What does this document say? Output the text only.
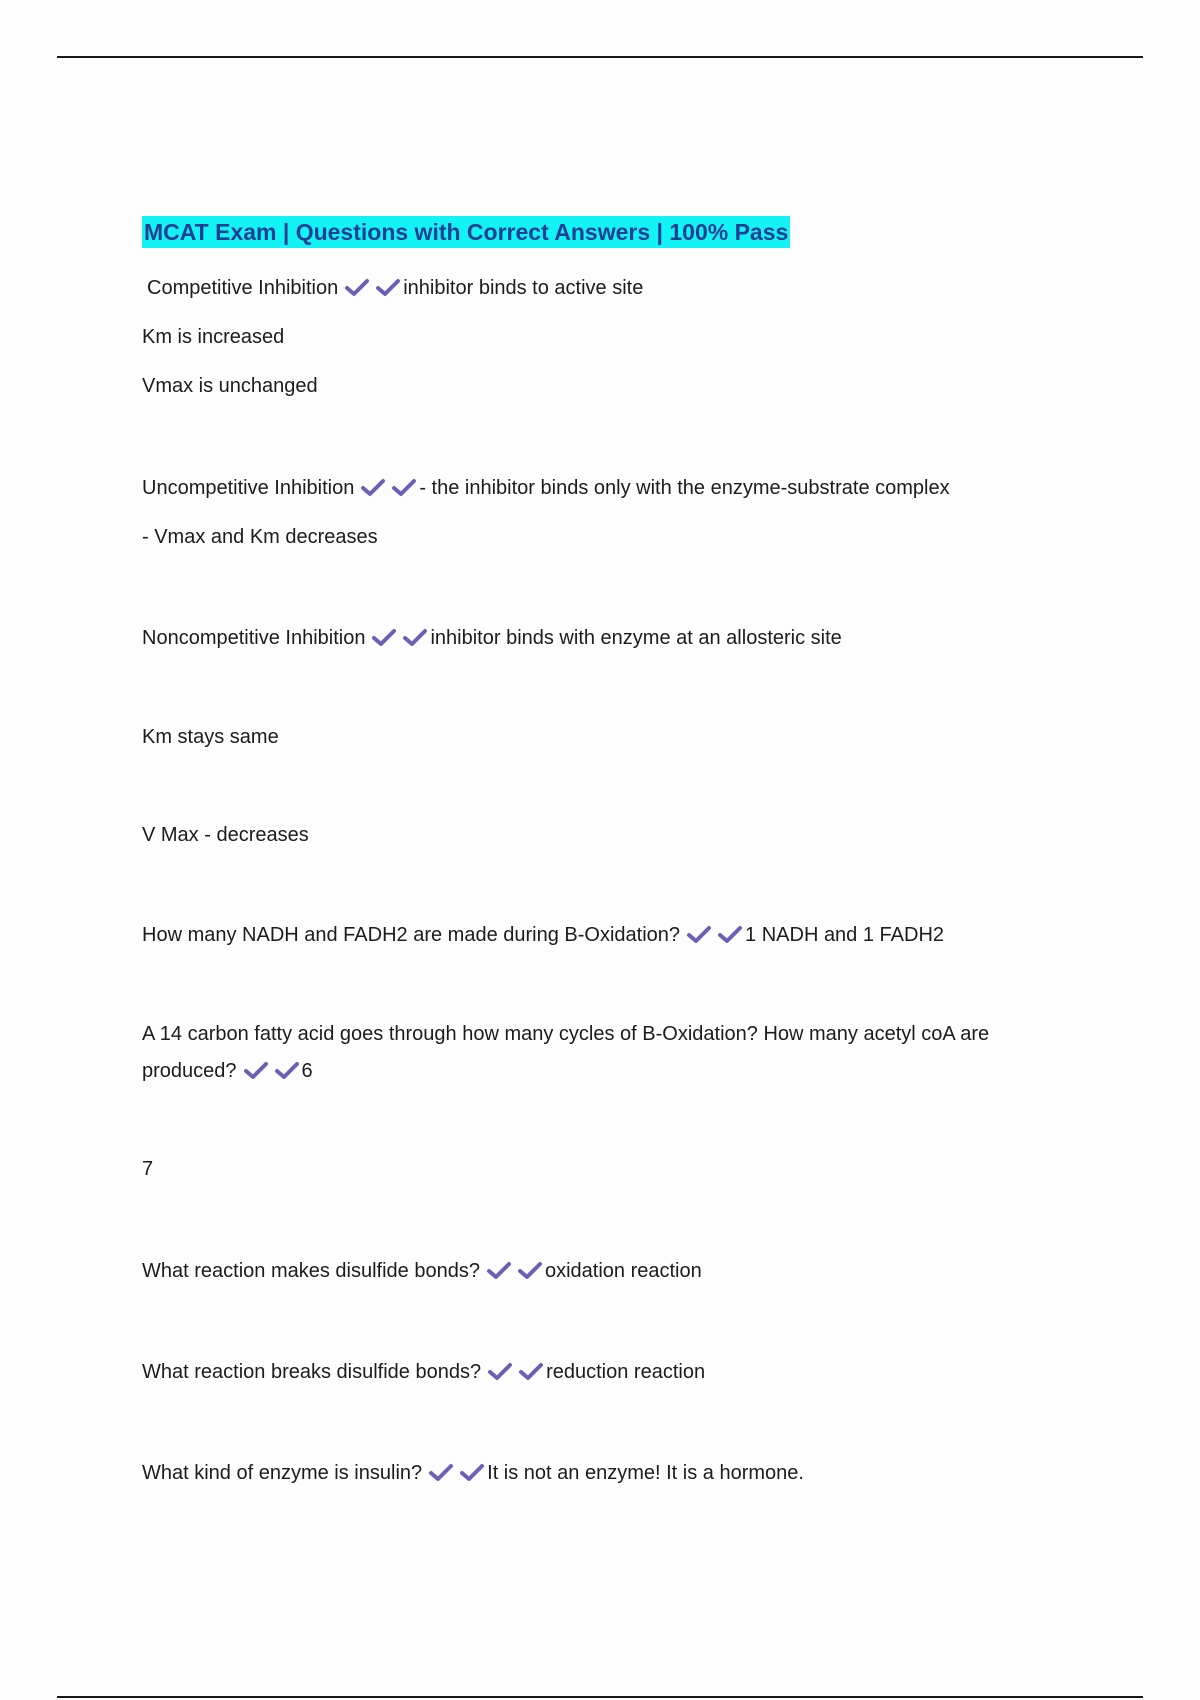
MCAT Exam | Questions with Correct Answers | 100% Pass
Competitive Inhibition	inhibitor binds to active site
Km is increased
Vmax is unchanged
Uncompetitive Inhibition	- the inhibitor binds only with the enzyme-substrate complex
- Vmax and Km decreases
Noncompetitive Inhibition	inhibitor binds with enzyme at an allosteric site
Km stays same
V Max - decreases
How many NADH and FADH2 are made during B-Oxidation?	1 NADH and 1 FADH2
A 14 carbon fatty acid goes through how many cycles of B-Oxidation? How many acetyl coA are
produced?	6
7
What reaction makes disulfide bonds?	oxidation reaction
What reaction breaks disulfide bonds?	reduction reaction
What kind of enzyme is insulin?	It is not an enzyme! It is a hormone.
